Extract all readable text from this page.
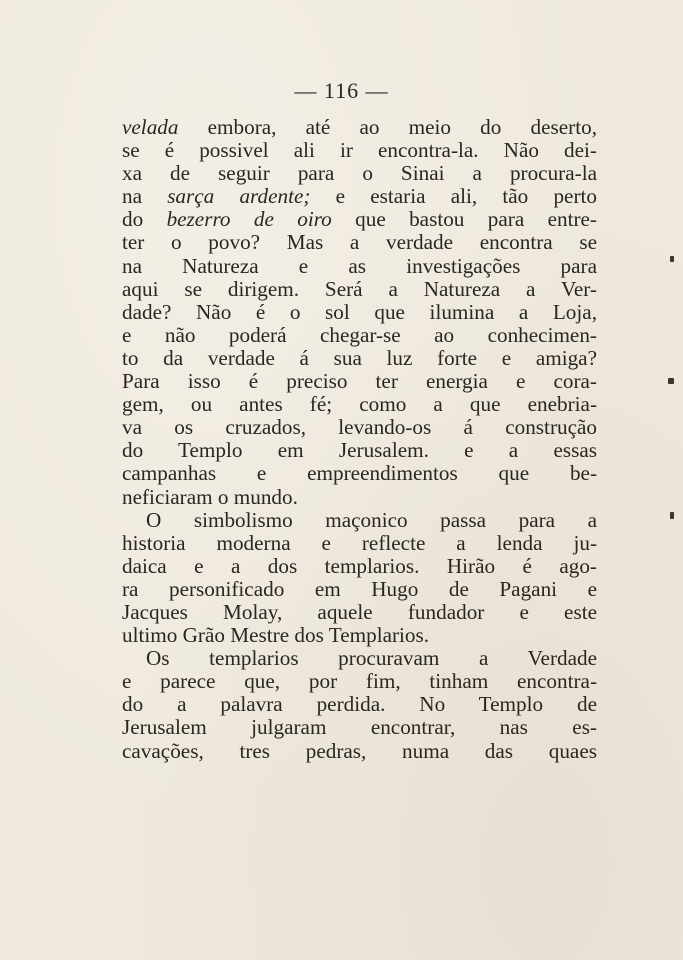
— 116 —
velada embora, até ao meio do deserto,
se é possivel ali ir encontra-la. Não dei-
xa de seguir para o Sinai a procura-la
na sarça ardente; e estaria ali, tão perto
do bezerro de oiro que bastou para entre-
ter o povo? Mas a verdade encontra se
na Natureza e as investigações para
aqui se dirigem. Será a Natureza a Ver-
dade? Não é o sol que ilumina a Loja,
e não poderá chegar-se ao conhecimen-
to da verdade á sua luz forte e amiga?
Para isso é preciso ter energia e cora-
gem, ou antes fé; como a que enebria-
va os cruzados, levando-os á construção
do Templo em Jerusalem. e a essas
campanhas e empreendimentos que be-
neficiaram o mundo.
O simbolismo maçonico passa para a
historia moderna e reflecte a lenda ju-
daica e a dos templarios. Hirão é ago-
ra personificado em Hugo de Pagani e
Jacques Molay, aquele fundador e este
ultimo Grão Mestre dos Templarios.
Os templarios procuravam a Verdade
e parece que, por fim, tinham encontra-
do a palavra perdida. No Templo de
Jerusalem julgaram encontrar, nas es-
cavações, tres pedras, numa das quaes
